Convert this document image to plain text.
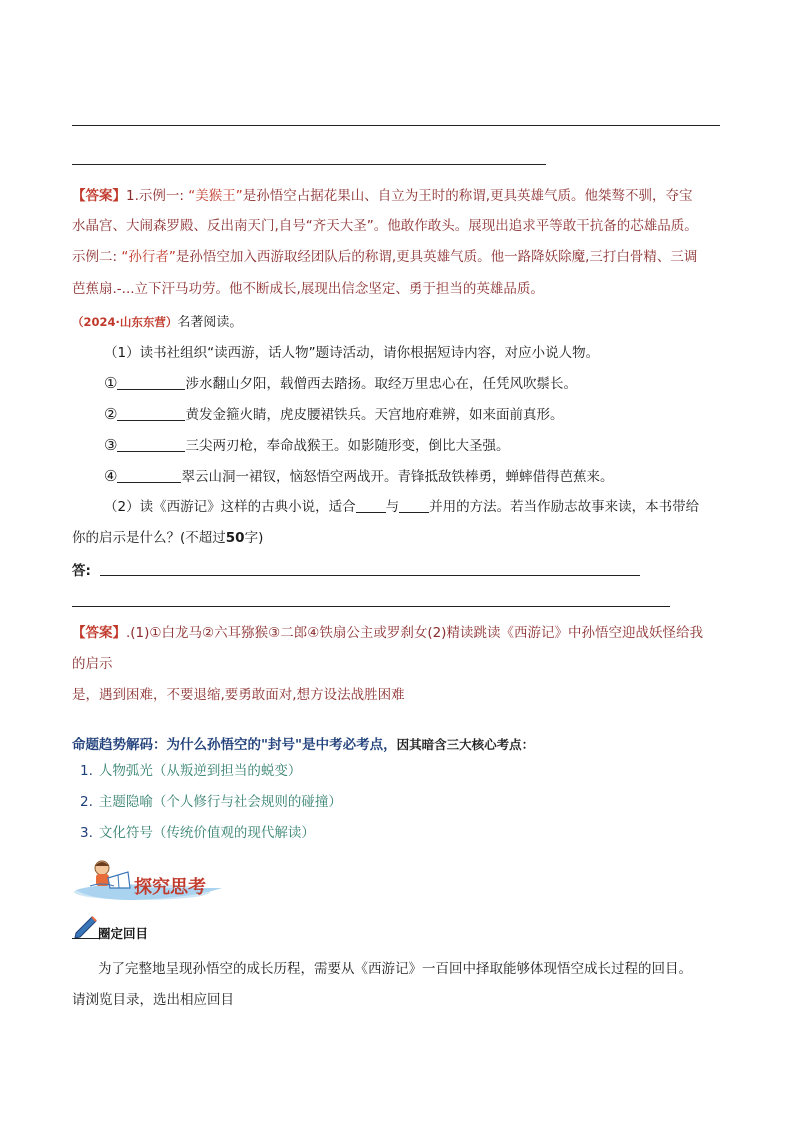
【答案】1.示例一: “美猴王”是孙悟空占据花果山、自立为王时的称谓,更具英雄气质。他桀骜不驯，夺宝
水晶宫、大闹森罗殿、反出南天门,自号“齐天大圣”。他敢作敢头。展现出追求平等敢干抗备的芯雄品质。
示例二: “孙行者”是孙悟空加入西游取经团队后的称谓,更具英雄气质。他一路降妖除魔,三打白骨精、三调
芭蕉扇.-...立下汗马功劳。他不断成长,展现出信念坚定、勇于担当的英雄品质。
（2024·山东东营）名著阅读。
（1）读书社组织“读西游，话人物”题诗活动，请你根据短诗内容，对应小说人物。
①	涉水翻山夕阳，载僧西去踏扬。取经万里忠心在，任凭风吹鬃长。
②	黄发金箍火睛，虎皮腰裙铁兵。天宫地府难辨，如来面前真形。
③	三尖两刃枪，奉命战猴王。如影随形变，倒比大圣强。
④	翠云山洞一裙钗，恼怒悟空两战开。青锋抵敌铁棒勇，蝉蟀借得芭蕉来。
（2）读《西游记》这样的古典小说，适合 与 并用的方法。若当作励志故事来读，本书带给
你的启示是什么？(不超过50字)
答:
【答案】.(1)①白龙马②六耳猕猴③二郎④铁扇公主或罗刹女(2)精读跳读《西游记》中孙悟空迎战妖怪给我
的启示
是，遇到困难，不要退缩,要勇敢面对,想方设法战胜困难
命题趋势解码：为什么孙悟空的"封号"是中考必考点，因其暗含三大核心考点：
1. 人物弧光（从叛逆到担当的蜕变）
2. 主题隐喻（个人修行与社会规则的碰撞）
3. 文化符号（传统价值观的现代解读）
探究思考
圈定回目
为了完整地呈现孙悟空的成长历程，需要从《西游记》一百回中择取能够体现悟空成长过程的回目。
请浏览目录，选出相应回目
